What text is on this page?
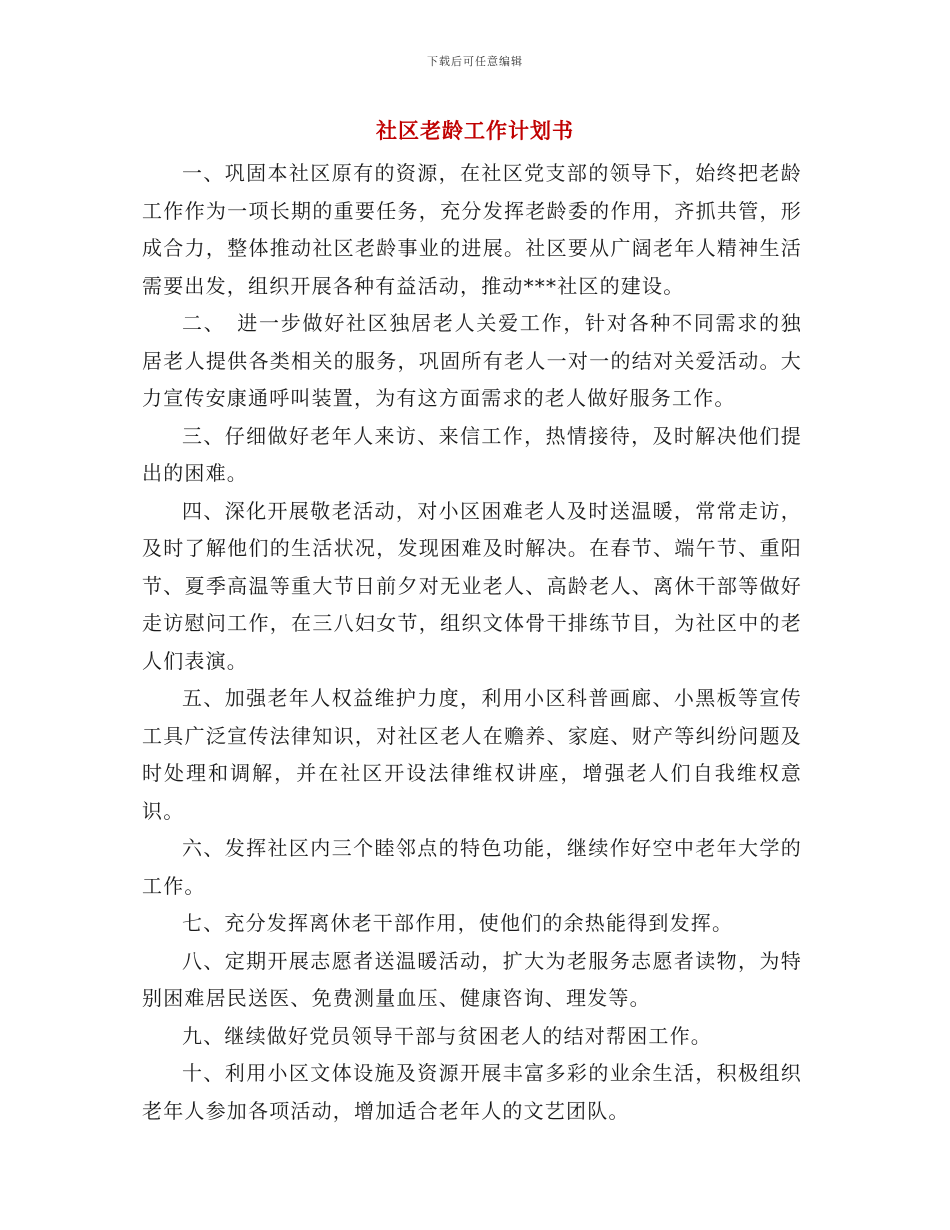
下载后可任意编辑
社区老龄工作计划书

一、巩固本社区原有的资源，在社区党支部的领导下，始终把老龄工作作为一项长期的重要任务，充分发挥老龄委的作用，齐抓共管，形成合力，整体推动社区老龄事业的进展。社区要从广阔老年人精神生活需要出发，组织开展各种有益活动，推动***社区的建设。

二、　进一步做好社区独居老人关爱工作，针对各种不同需求的独居老人提供各类相关的服务，巩固所有老人一对一的结对关爱活动。大力宣传安康通呼叫装置，为有这方面需求的老人做好服务工作。

三、仔细做好老年人来访、来信工作，热情接待，及时解决他们提出的困难。

四、深化开展敬老活动，对小区困难老人及时送温暖，常常走访，及时了解他们的生活状况，发现困难及时解决。在春节、端午节、重阳节、夏季高温等重大节日前夕对无业老人、高龄老人、离休干部等做好走访慰问工作，在三八妇女节，组织文体骨干排练节目，为社区中的老人们表演。

五、加强老年人权益维护力度，利用小区科普画廊、小黑板等宣传工具广泛宣传法律知识，对社区老人在赡养、家庭、财产等纠纷问题及时处理和调解，并在社区开设法律维权讲座，增强老人们自我维权意识。

六、发挥社区内三个睦邻点的特色功能，继续作好空中老年大学的工作。

七、充分发挥离休老干部作用，使他们的余热能得到发挥。

八、定期开展志愿者送温暖活动，扩大为老服务志愿者读物，为特别困难居民送医、免费测量血压、健康咨询、理发等。

九、继续做好党员领导干部与贫困老人的结对帮困工作。

十、利用小区文体设施及资源开展丰富多彩的业余生活，积极组织老年人参加各项活动，增加适合老年人的文艺团队。
